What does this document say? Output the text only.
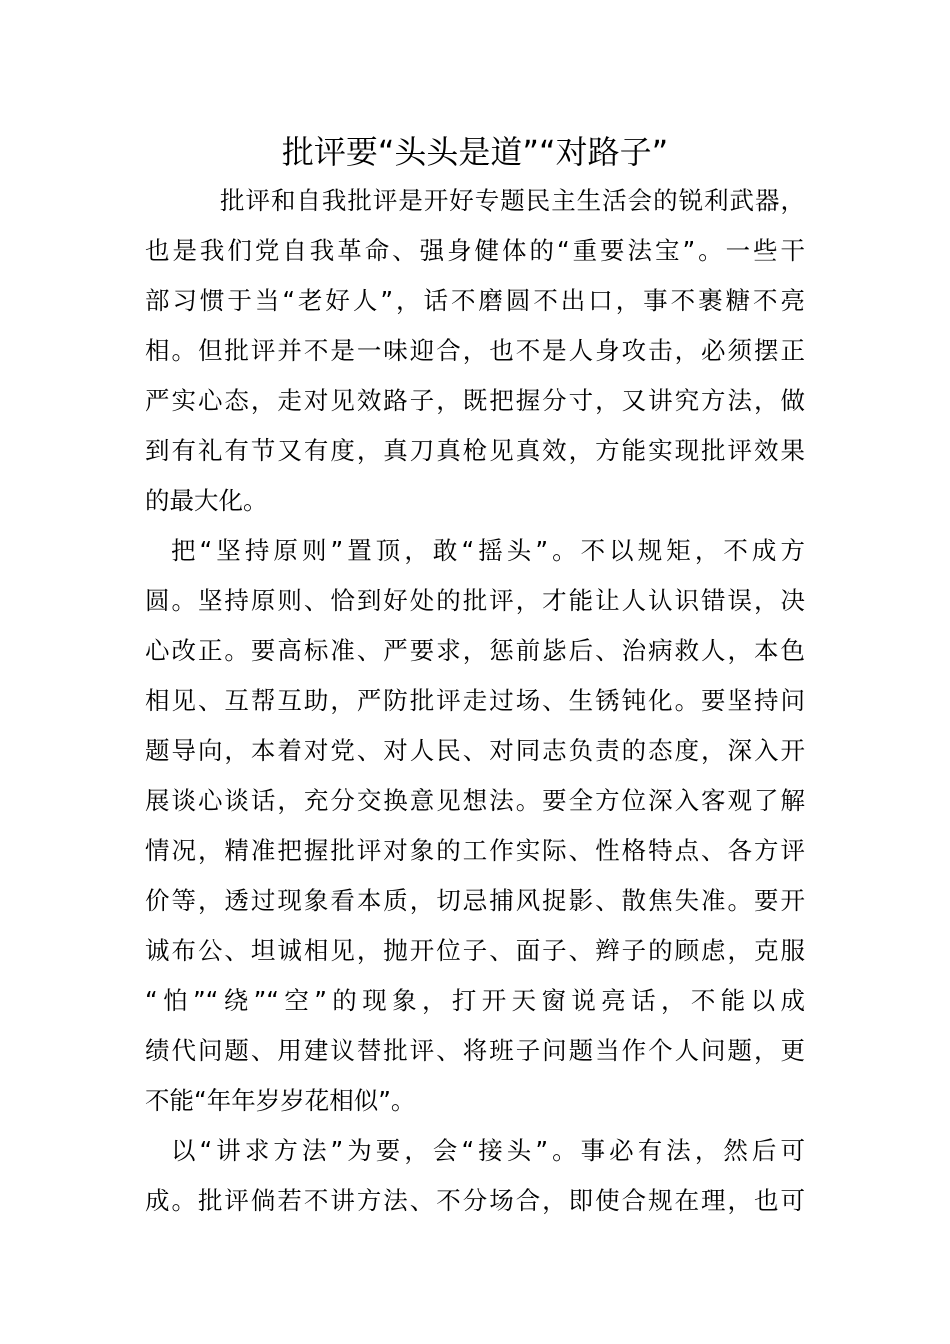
批评要“头头是道”“对路子”
批评和自我批评是开好专题民主生活会的锐利武器，
也是我们党自我革命、强身健体的“重要法宝”。一些干
部习惯于当“老好人”，话不磨圆不出口，事不裹糖不亮
相。但批评并不是一味迎合，也不是人身攻击，必须摆正
严实心态，走对见效路子，既把握分寸，又讲究方法，做
到有礼有节又有度，真刀真枪见真效，方能实现批评效果
的最大化。
把“坚持原则”置顶，敢“摇头”。不以规矩，不成方
圆。坚持原则、恰到好处的批评，才能让人认识错误，决
心改正。要高标准、严要求，惩前毖后、治病救人，本色
相见、互帮互助，严防批评走过场、生锈钝化。要坚持问
题导向，本着对党、对人民、对同志负责的态度，深入开
展谈心谈话，充分交换意见想法。要全方位深入客观了解
情况，精准把握批评对象的工作实际、性格特点、各方评
价等，透过现象看本质，切忌捕风捉影、散焦失准。要开
诚布公、坦诚相见，抛开位子、面子、辫子的顾虑，克服
“怕”“绕”“空”的现象，打开天窗说亮话，不能以成
绩代问题、用建议替批评、将班子问题当作个人问题，更
不能“年年岁岁花相似”。
以“讲求方法”为要，会“接头”。事必有法，然后可
成。批评倘若不讲方法、不分场合，即使合规在理，也可
